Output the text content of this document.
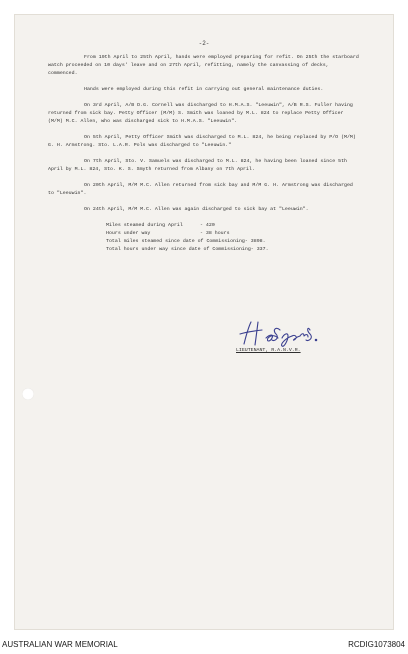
-2-

From 19th April to 25th April, hands were employed preparing for refit. On 25th the starboard watch proceeded on 10 days' leave and on 27th April, refitting, namely the canvassing of decks, commenced.

Hands were employed during this refit in carrying out general maintenance duties.

On 3rd April, A/B D.G. Cornell was discharged to H.M.A.S. "Leeuwin", A/B R.S. Fuller having returned from sick bay. Petty Officer (M/M) S. Smith was loaned by M.L. 824 to replace Petty Officer (M/M) M.C. Allen, who was discharged sick to H.M.A.S. "Leeuwin".

On 5th April, Petty Officer Smith was discharged to M.L. 824, he being replaced by P/O (M/M) G. H. Armstrong. Sto. L.A.R. Pols was discharged to "Leeuwin."

On 7th April, Sto. V. Samuels was discharged to M.L. 824, he having been loaned since 5th April by M.L. 824, Sto. K. S. Smyth returned from Albany on 7th April.

On 20th April, M/M M.C. Allen returned from sick bay and M/M G. H. Armstrong was discharged to "Leeuwin".

On 24th April, M/M M.C. Allen was again discharged to sick bay at "Leeuwin".

Miles steamed during April	- 420
Hours under way	- 38 hours
Total miles steamed since date of Commissioning - 3898.
Total hours under way since date of Commissioning - 337.
LIEUTENANT, R.A.N.V.R.
AUSTRALIAN WAR MEMORIAL	RCDIG1073804
